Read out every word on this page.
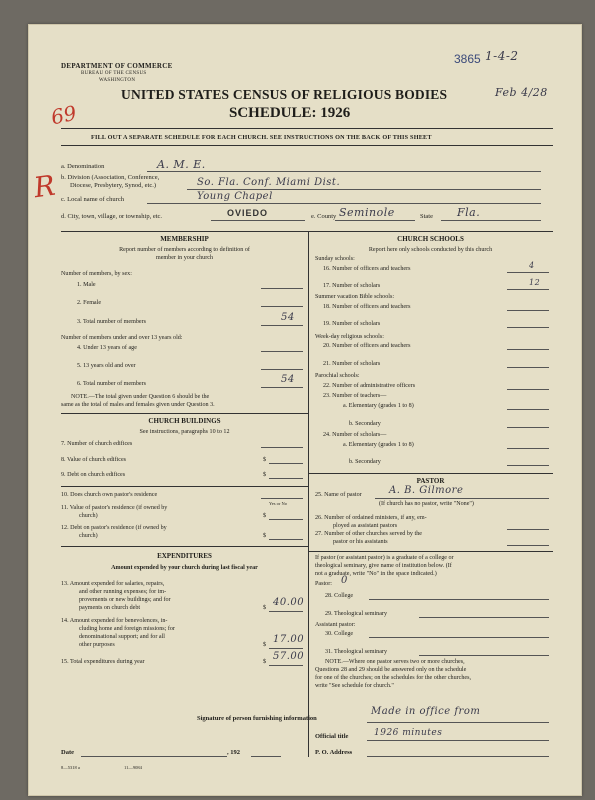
DEPARTMENT OF COMMERCE
BUREAU OF THE CENSUS
WASHINGTON
3865 1-4-2
Feb 4/28
69
R
UNITED STATES CENSUS OF RELIGIOUS BODIES
SCHEDULE: 1926
FILL OUT A SEPARATE SCHEDULE FOR EACH CHURCH. SEE INSTRUCTIONS ON THE BACK OF THIS SHEET
a. Denomination	A. M. E.
b. Division (Association, Conference,
Diocese, Presbytery, Synod, etc.)	So. Fla. Conf. Miami Dist.
c. Local name of church	Young Chapel
d. City, town, village, or township, etc.	OVIEDO	e. County Seminole	State Fla.
MEMBERSHIP
Report number of members according to definition of
member in your church
Number of members, by sex:
1. Male
2. Female
3. Total number of members	54
Number of members under and over 13 years old:
4. Under 13 years of age
5. 13 years old and over
6. Total number of members	54
NOTE.—The total given under Question 6 should be the
same as the total of males and females given under Question 3.
CHURCH BUILDINGS
See instructions, paragraphs 10 to 12
7. Number of church edifices
8. Value of church edifices	$
9. Debt on church edifices	$
10. Does church own pastor's residence
Yes or No
11. Value of pastor's residence (if owned by
church)	$
12. Debt on pastor's residence (if owned by
church)	$
EXPENDITURES
Amount expended by your church during last fiscal year
13. Amount expended for salaries, repairs,
and other running expenses; for im-
provements or new buildings; and for
payments on church debt	$ 40.00
14. Amount expended for benevolences, in-
cluding home and foreign missions; for
denominational support; and for all
other purposes	$ 17.00
15. Total expenditures during year	$ 57.00
CHURCH SCHOOLS
Report here only schools conducted by this church
Sunday schools:
16. Number of officers and teachers	4
17. Number of scholars	12
Summer vacation Bible schools:
18. Number of officers and teachers
19. Number of scholars
Week-day religious schools:
20. Number of officers and teachers
21. Number of scholars
Parochial schools:
22. Number of administrative officers
23. Number of teachers—
a. Elementary (grades 1 to 8)
b. Secondary
24. Number of scholars—
a. Elementary (grades 1 to 8)
b. Secondary
PASTOR
25. Name of pastor	A. B. Gilmore
(If church has no pastor, write "None")
26. Number of ordained ministers, if any, em-
ployed as assistant pastors
27. Number of other churches served by the
pastor or his assistants
If pastor (or assistant pastor) is a graduate of a college or
theological seminary, give name of institution below. (If
not a graduate, write "No" in the space indicated.)
Pastor: 0
28. College
29. Theological seminary
Assistant pastor:
30. College
31. Theological seminary
NOTE.—Where one pastor serves two or more churches,
Questions 28 and 29 should be answered only on the schedule
for one of the churches; on the schedules for the other churches,
write "See schedule for church."
Signature of person furnishing information
Made in office from
Official title	1926 minutes
Date	, 192	P. O. Address
8—5318 a	11—9084
